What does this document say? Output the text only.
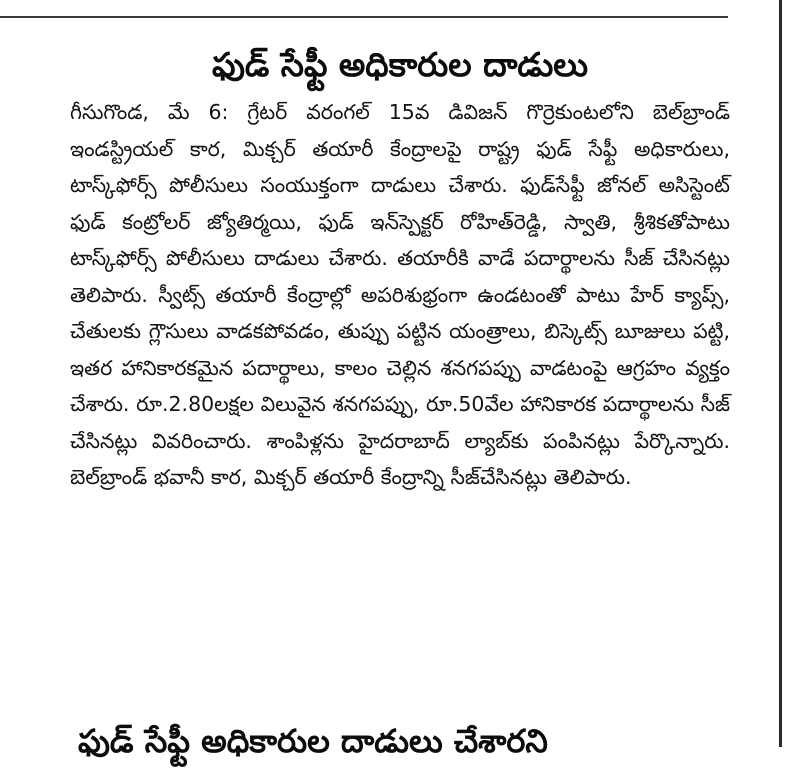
ఫుడ్‌ సేఫ్టీ అధికారుల దాడులు

గీసుగొండ, మే 6: గ్రేటర్‌ వరంగల్‌ 15వ డివిజన్‌ గొర్రెకుంటలోని బెల్‌బ్రాండ్‌ ఇండస్ట్రియల్‌ కార, మిక్చర్‌ తయారీ కేంద్రాలపై రాష్ట్ర ఫుడ్‌ సేఫ్టీ అధికారులు, టాస్క్‌ఫోర్స్‌ పోలీసులు సంయుక్తంగా దాడులు చేశారు. ఫుడ్‌సేఫ్టీ జోనల్‌ అసిస్టెంట్‌ ఫుడ్‌ కంట్రోలర్‌ జ్యోతిర్మయి, ఫుడ్‌ ఇన్‌స్పెక్టర్‌ రోహిత్‌రెడ్డి, స్వాతి, శ్రీశికతోపాటు టాస్క్‌ఫోర్స్‌ పోలీసులు దాడులు చేశారు. తయారీకి వాడే పదార్థాలను సీజ్‌ చేసినట్లు తెలిపారు. స్వీట్స్‌ తయారీ కేంద్రాల్లో అపరిశుభ్రంగా ఉండటంతో పాటు హేర్‌ క్యాప్స్‌, చేతులకు గ్లౌసులు వాడకపోవడం, తుప్పు పట్టిన యంత్రాలు, బిస్కెట్స్‌ బూజులు పట్టి, ఇతర హానికారకమైన పదార్థాలు, కాలం చెల్లిన శనగపప్పు వాడటంపై ఆగ్రహం వ్యక్తం చేశారు. రూ.2.80లక్షల విలువైన శనగపప్పు, రూ.50వేల హానికారక పదార్థాలను సీజ్‌ చేసినట్లు వివరించారు. శాంపిళ్లను హైదరాబాద్‌ ల్యాబ్‌కు పంపినట్లు పేర్కొన్నారు. బెల్‌బ్రాండ్‌ భవానీ కార, మిక్చర్‌ తయారీ కేంద్రాన్ని సీజ్‌చేసినట్లు తెలిపారు.

ఫుడ్‌ సేఫ్టీ అధికారుల దాడులు చేశారని
